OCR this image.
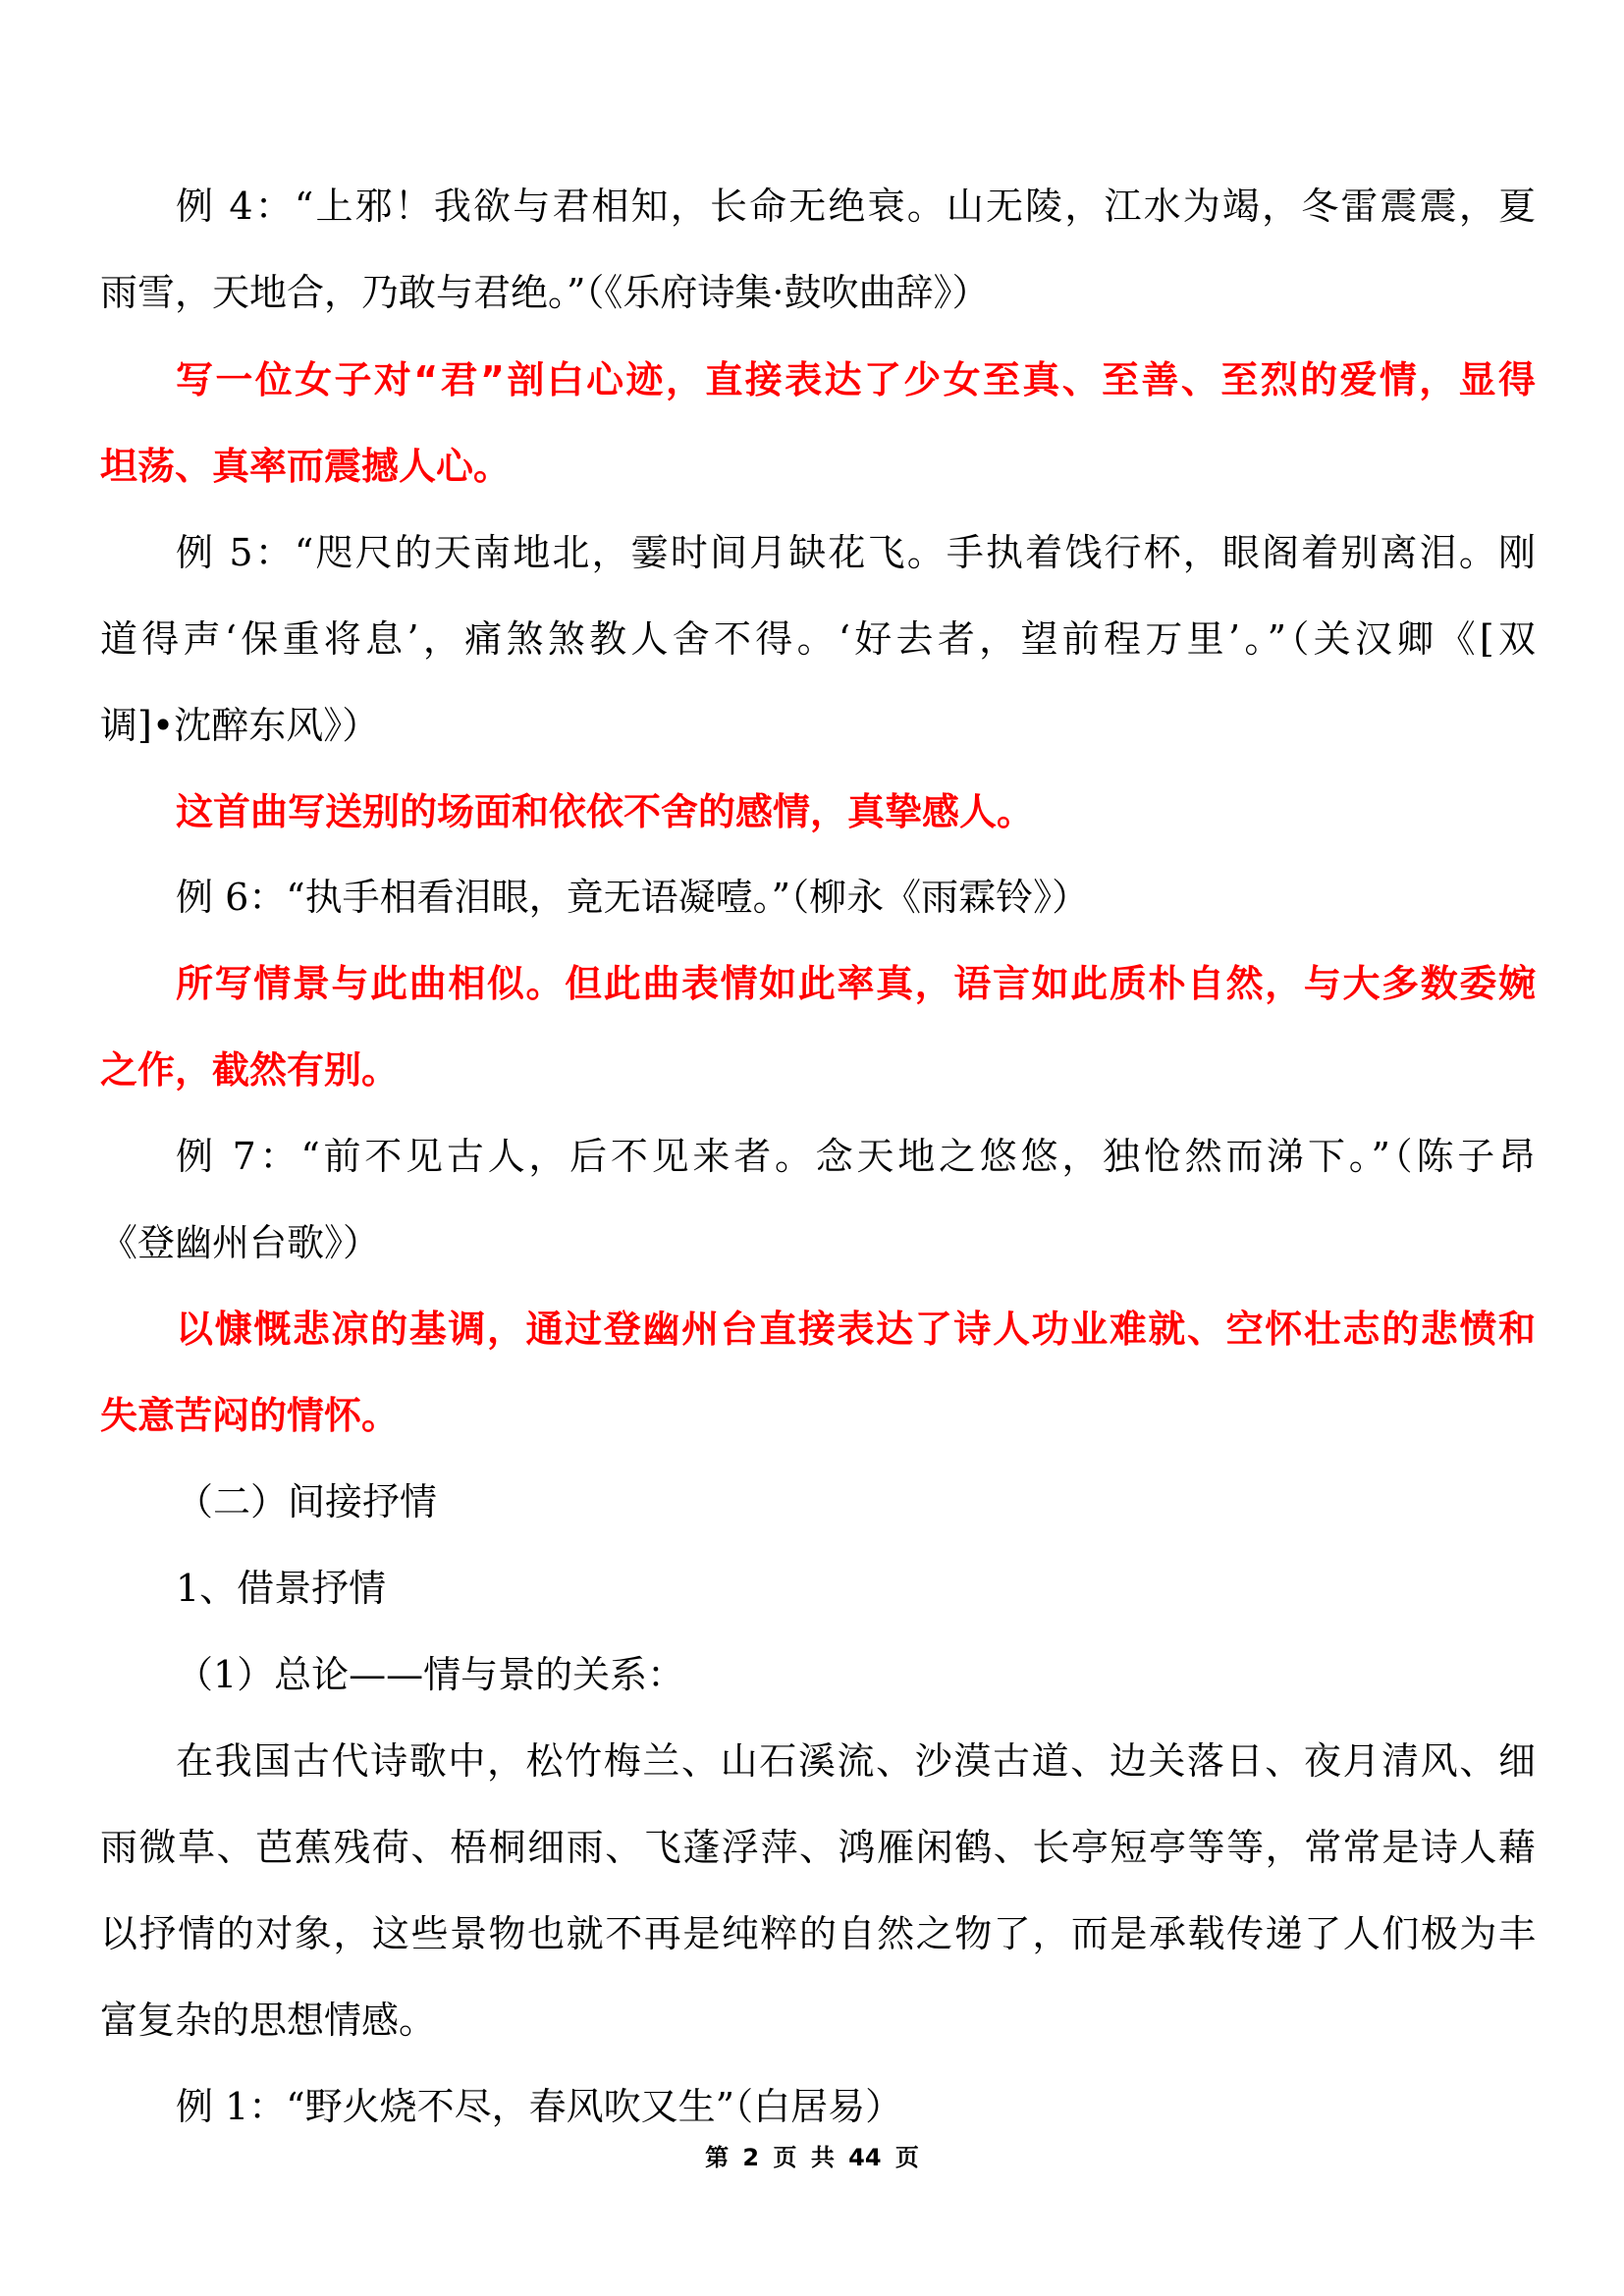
例 4：“上邪！我欲与君相知，长命无绝衰。山无陵，江水为竭，冬雷震震，夏
雨雪，天地合，乃敢与君绝。”（《乐府诗集·鼓吹曲辞》）
写一位女子对“君”剖白心迹，直接表达了少女至真、至善、至烈的爱情，显得
坦荡、真率而震撼人心。
例 5：“咫尺的天南地北，霎时间月缺花飞。手执着饯行杯，眼阁着别离泪。刚
道得声‘保重将息’，痛煞煞教人舍不得。‘好去者，望前程万里’。”（关汉卿《[双
调]•沈醉东风》）
这首曲写送别的场面和依依不舍的感情，真挚感人。
例 6：“执手相看泪眼，竟无语凝噎。”（柳永《雨霖铃》）
所写情景与此曲相似。但此曲表情如此率真，语言如此质朴自然，与大多数委婉
之作，截然有别。
例 7：“前不见古人，后不见来者。念天地之悠悠，独怆然而涕下。”（陈子昂
《登幽州台歌》）
以慷慨悲凉的基调，通过登幽州台直接表达了诗人功业难就、空怀壮志的悲愤和
失意苦闷的情怀。
（二）间接抒情
1、借景抒情
（1）总论——情与景的关系：
在我国古代诗歌中，松竹梅兰、山石溪流、沙漠古道、边关落日、夜月清风、细
雨微草、芭蕉残荷、梧桐细雨、飞蓬浮萍、鸿雁闲鹤、长亭短亭等等，常常是诗人藉
以抒情的对象，这些景物也就不再是纯粹的自然之物了，而是承载传递了人们极为丰
富复杂的思想情感。
例 1：“野火烧不尽，春风吹又生”（白居易）
第 2 页 共 44 页
